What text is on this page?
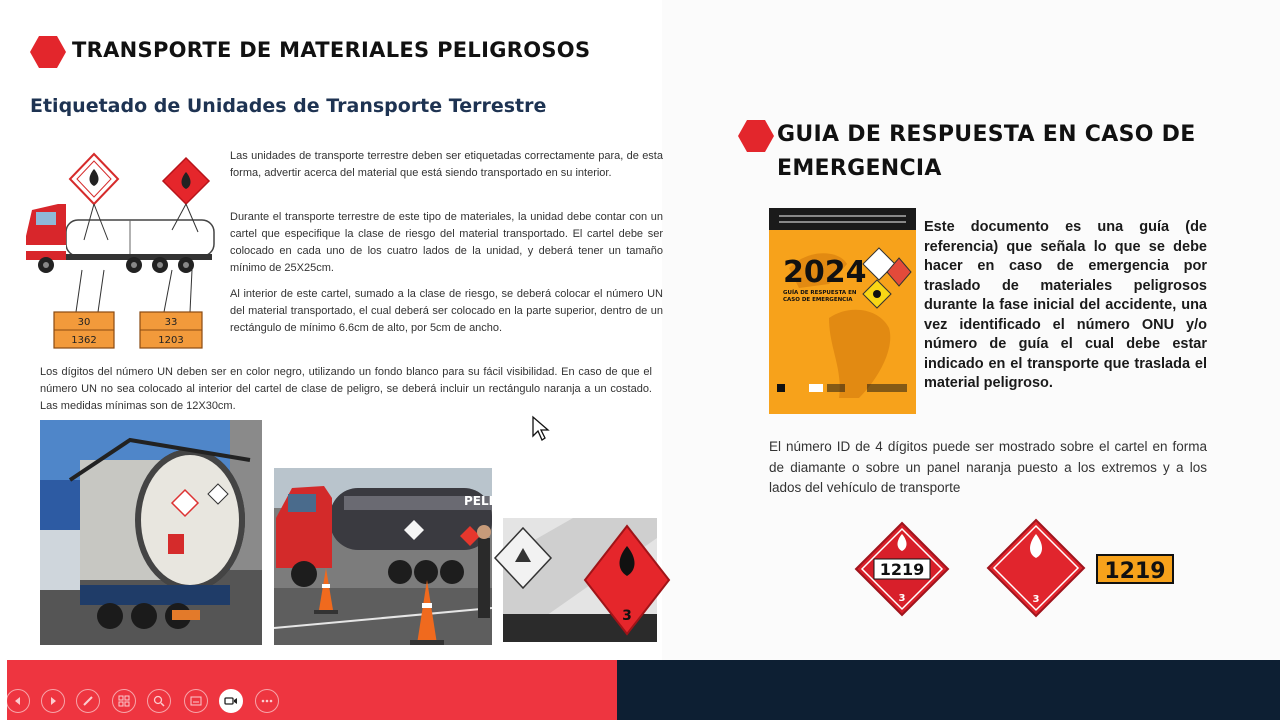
TRANSPORTE DE MATERIALES PELIGROSOS
Etiquetado de Unidades de Transporte Terrestre
30
1362
33
1203

Las unidades de transporte terrestre deben ser etiquetadas correctamente para, de esta forma, advertir acerca del material que está siendo transportado en su interior.

Durante el transporte terrestre de este tipo de materiales, la unidad debe contar con un cartel que especifique la clase de riesgo del material transportado. El cartel debe ser colocado en cada uno de los cuatro lados de la unidad, y deberá tener un tamaño mínimo de 25X25cm.

Al interior de este cartel, sumado a la clase de riesgo, se deberá colocar el número UN del material transportado, el cual deberá ser colocado en la parte superior, dentro de un rectángulo de mínimo 6.6cm de alto, por 5cm de ancho.

Los dígitos del número UN deben ser en color negro, utilizando un fondo blanco para su fácil visibilidad. En caso de que el número UN no sea colocado al interior del cartel de clase de peligro, se deberá incluir un rectángulo naranja a un costado. Las medidas mínimas son de 12X30cm.

PELIG
3
GUIA DE RESPUESTA EN CASO DE EMERGENCIA
2024
GUÍA DE RESPUESTA EN
CASO DE EMERGENCIA

Este documento es una guía (de referencia) que señala lo que se debe hacer en caso de emergencia por traslado de materiales peligrosos durante la fase inicial del accidente, una vez identificado el número ONU y/o número de guía el cual debe estar indicado en el transporte que traslada el material peligroso.

El número ID de 4 dígitos puede ser mostrado sobre el cartel en forma de diamante o sobre un panel naranja puesto a los extremos y a los lados del vehículo de transporte

1219
3	3
1219
